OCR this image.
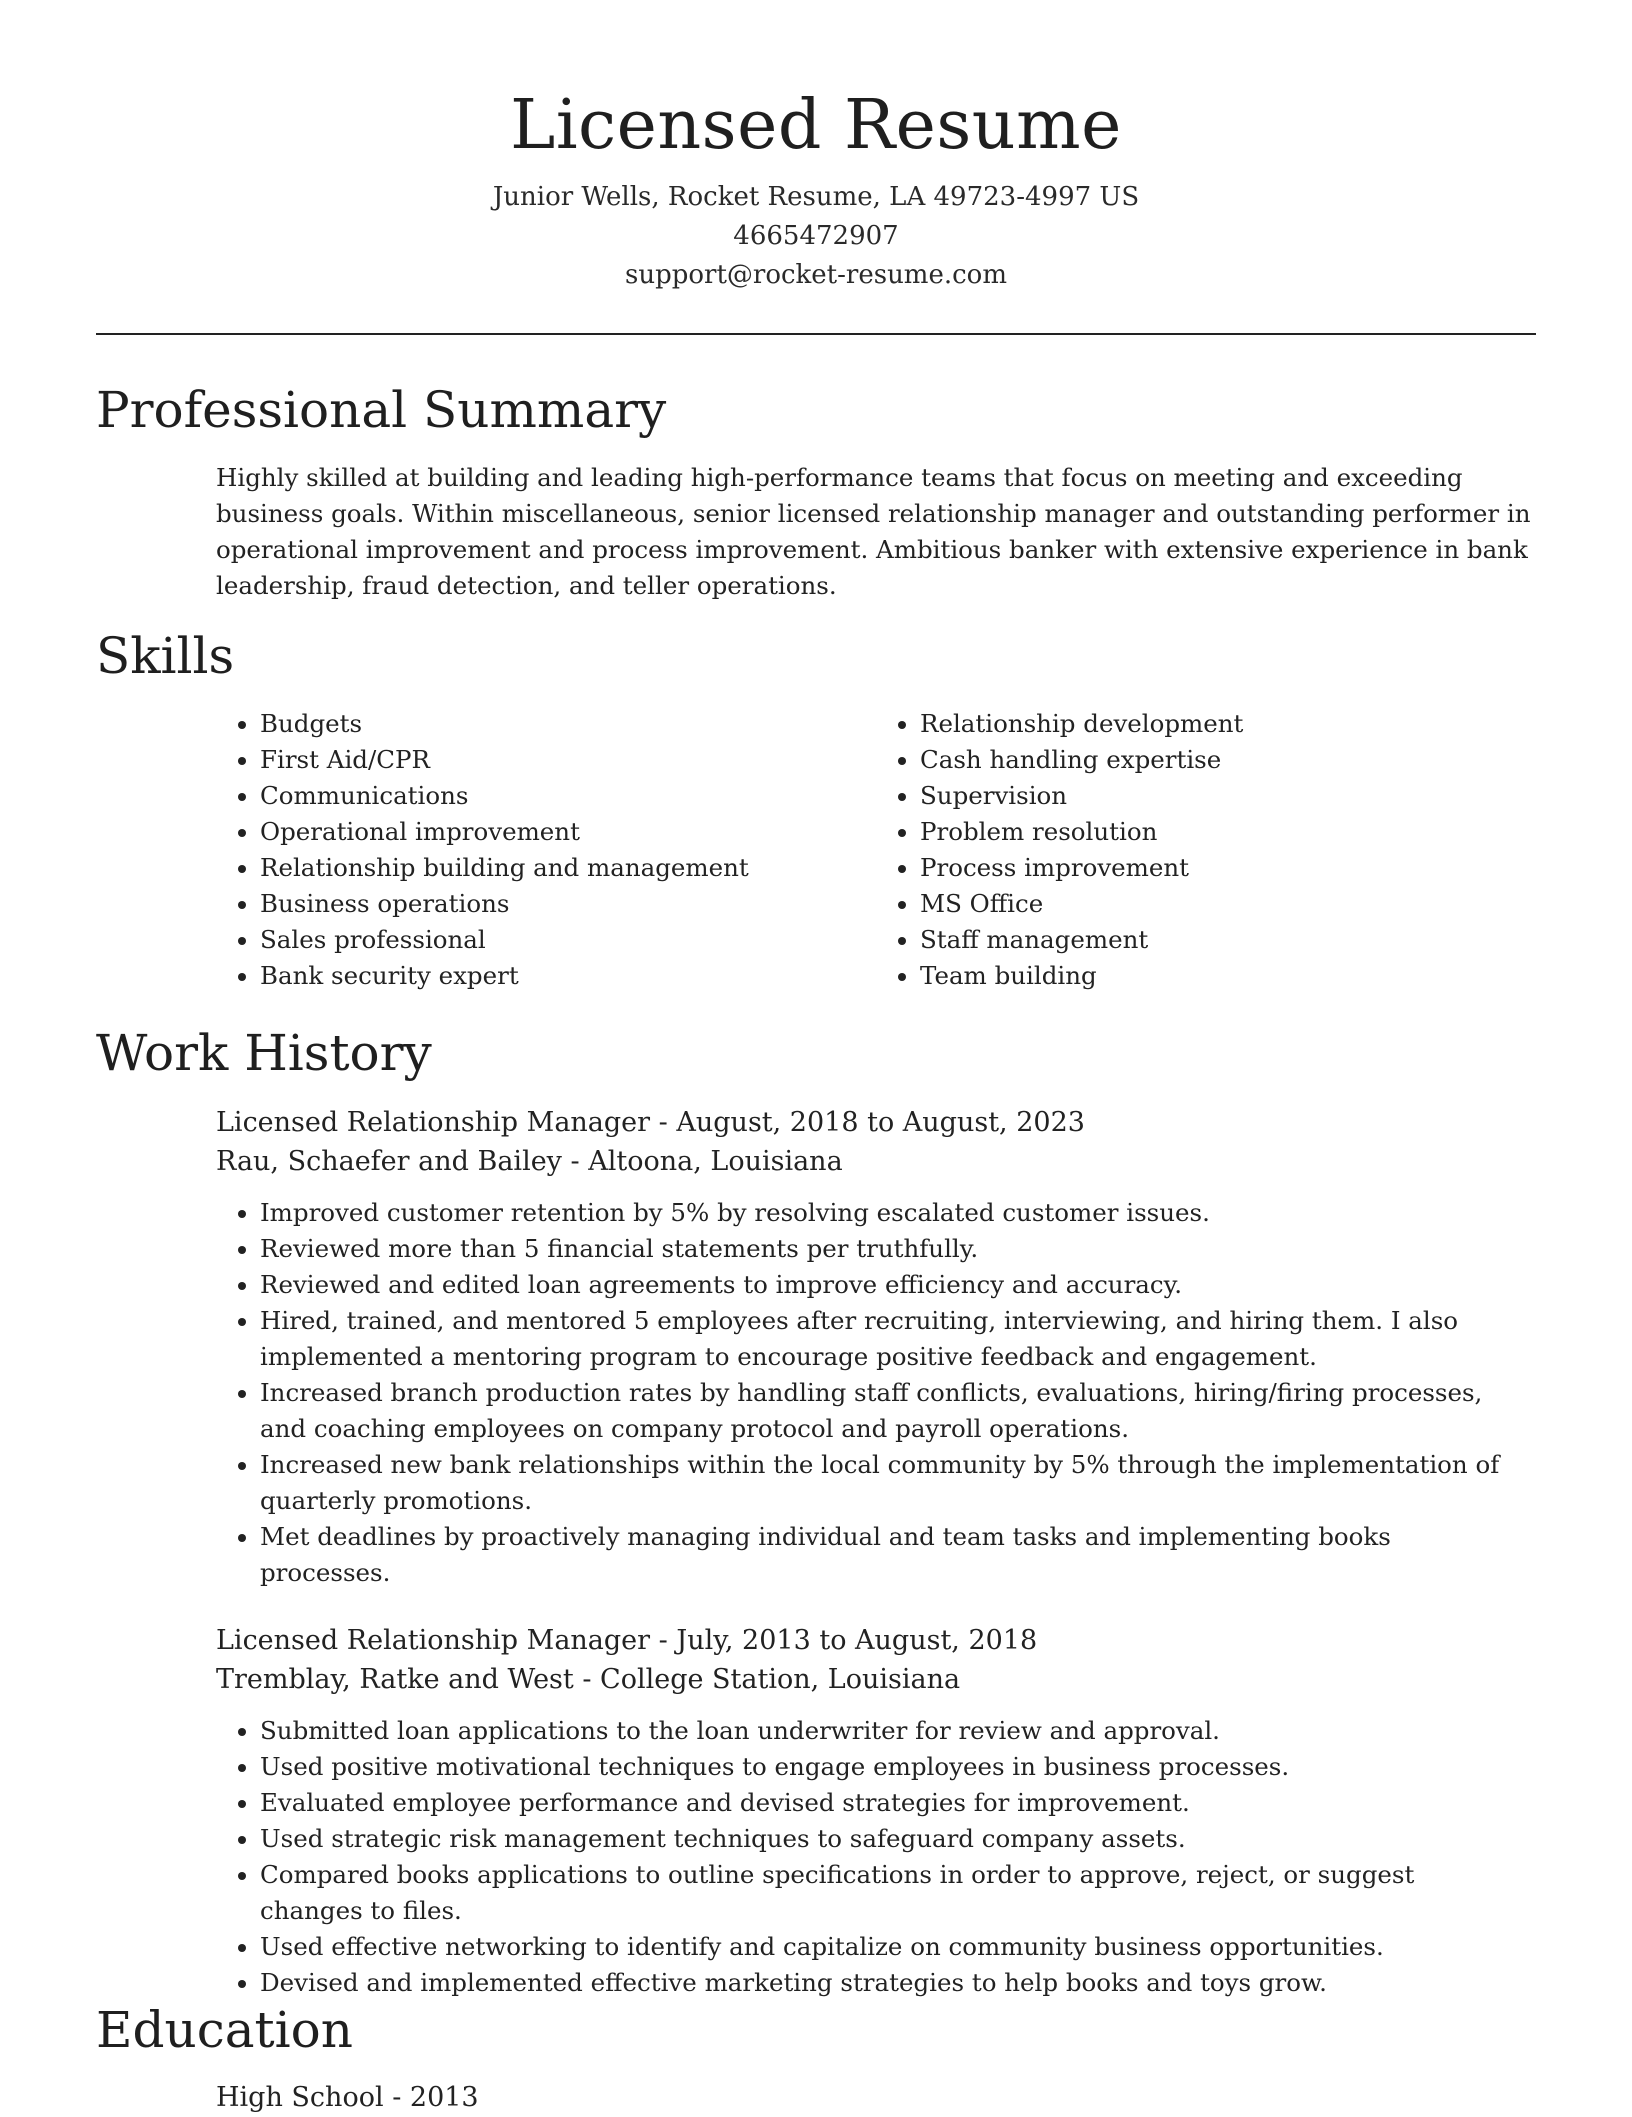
Licensed Resume
Junior Wells, Rocket Resume, LA 49723-4997 US
4665472907
support@rocket-resume.com
Professional Summary

Highly skilled at building and leading high-performance teams that focus on meeting and exceeding business goals. Within miscellaneous, senior licensed relationship manager and outstanding performer in operational improvement and process improvement. Ambitious banker with extensive experience in bank leadership, fraud detection, and teller operations.

Skills
• Budgets
• First Aid/CPR
• Communications
• Operational improvement
• Relationship building and management
• Business operations
• Sales professional
• Bank security expert
• Relationship development
• Cash handling expertise
• Supervision
• Problem resolution
• Process improvement
• MS Office
• Staff management
• Team building
Work History
Licensed Relationship Manager - August, 2018 to August, 2023
Rau, Schaefer and Bailey - Altoona, Louisiana
• Improved customer retention by 5% by resolving escalated customer issues.
• Reviewed more than 5 financial statements per truthfully.
• Reviewed and edited loan agreements to improve efficiency and accuracy.
• Hired, trained, and mentored 5 employees after recruiting, interviewing, and hiring them. I also implemented a mentoring program to encourage positive feedback and engagement.
• Increased branch production rates by handling staff conflicts, evaluations, hiring/firing processes, and coaching employees on company protocol and payroll operations.
• Increased new bank relationships within the local community by 5% through the implementation of quarterly promotions.
• Met deadlines by proactively managing individual and team tasks and implementing books processes.
Licensed Relationship Manager - July, 2013 to August, 2018
Tremblay, Ratke and West - College Station, Louisiana
• Submitted loan applications to the loan underwriter for review and approval.
• Used positive motivational techniques to engage employees in business processes.
• Evaluated employee performance and devised strategies for improvement.
• Used strategic risk management techniques to safeguard company assets.
• Compared books applications to outline specifications in order to approve, reject, or suggest changes to files.
• Used effective networking to identify and capitalize on community business opportunities.
• Devised and implemented effective marketing strategies to help books and toys grow.
Education
High School - 2013
